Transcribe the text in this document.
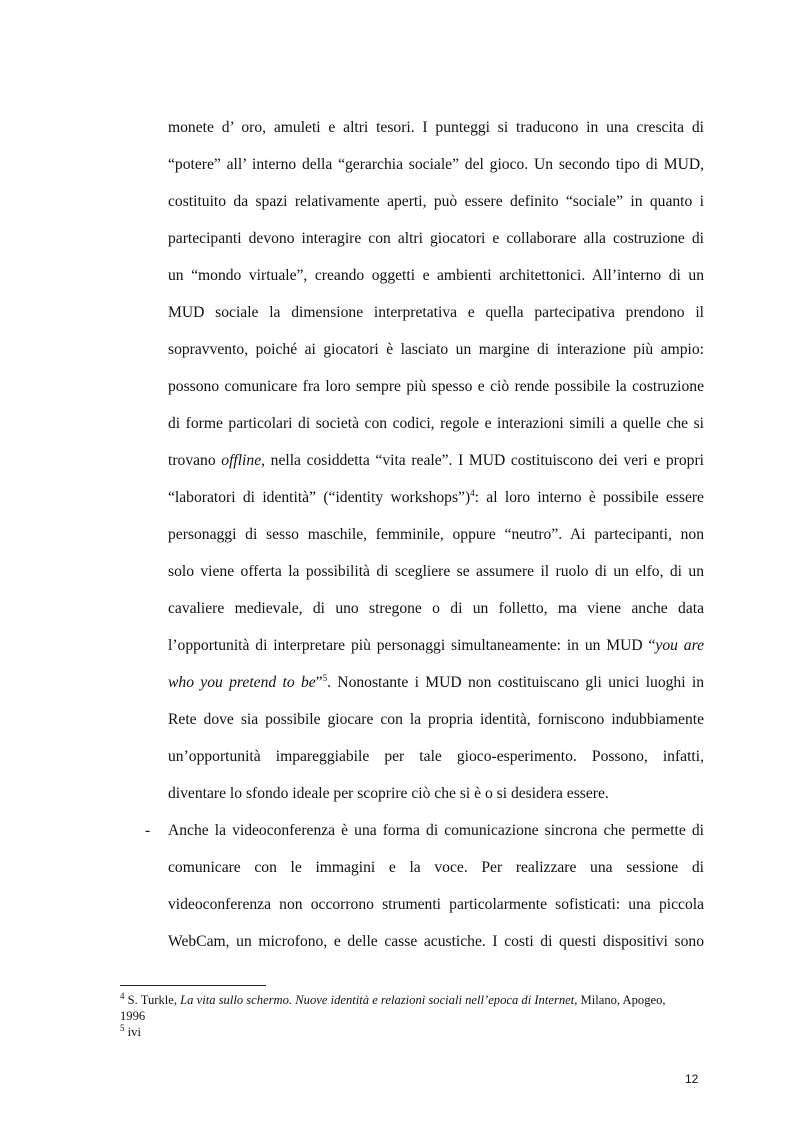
monete d’ oro, amuleti e altri tesori. I punteggi si traducono in una crescita di
“potere” all’ interno della “gerarchia sociale” del gioco. Un secondo tipo di MUD,
costituito da spazi relativamente aperti, può essere definito “sociale” in quanto i
partecipanti devono interagire con altri giocatori e collaborare alla costruzione di
un “mondo virtuale”, creando oggetti e ambienti architettonici. All’interno di un
MUD sociale la dimensione interpretativa e quella partecipativa prendono il
sopravvento, poiché ai giocatori è lasciato un margine di interazione più ampio:
possono comunicare fra loro sempre più spesso e ciò rende possibile la costruzione
di forme particolari di società con codici, regole e interazioni simili a quelle che si
trovano offline, nella cosiddetta “vita reale”. I MUD costituiscono dei veri e propri
“laboratori di identità” (“identity workshops”)$^4$: al loro interno è possibile essere
personaggi di sesso maschile, femminile, oppure “neutro”. Ai partecipanti, non
solo viene offerta la possibilità di scegliere se assumere il ruolo di un elfo, di un
cavaliere medievale, di uno stregone o di un folletto, ma viene anche data
l’opportunità di interpretare più personaggi simultaneamente: in un MUD “you are
who you pretend to be”$^5$. Nonostante i MUD non costituiscano gli unici luoghi in
Rete dove sia possibile giocare con la propria identità, forniscono indubbiamente
un’opportunità impareggiabile per tale gioco-esperimento. Possono, infatti,
diventare lo sfondo ideale per scoprire ciò che si è o si desidera essere.
- Anche la videoconferenza è una forma di comunicazione sincrona che permette di
comunicare con le immagini e la voce. Per realizzare una sessione di
videoconferenza non occorrono strumenti particolarmente sofisticati: una piccola
WebCam, un microfono, e delle casse acustiche. I costi di questi dispositivi sono
$^4$ S. Turkle, La vita sullo schermo. Nuove identità e relazioni sociali nell’epoca di Internet, Milano, Apogeo,
1996
$^5$ ivi
12
